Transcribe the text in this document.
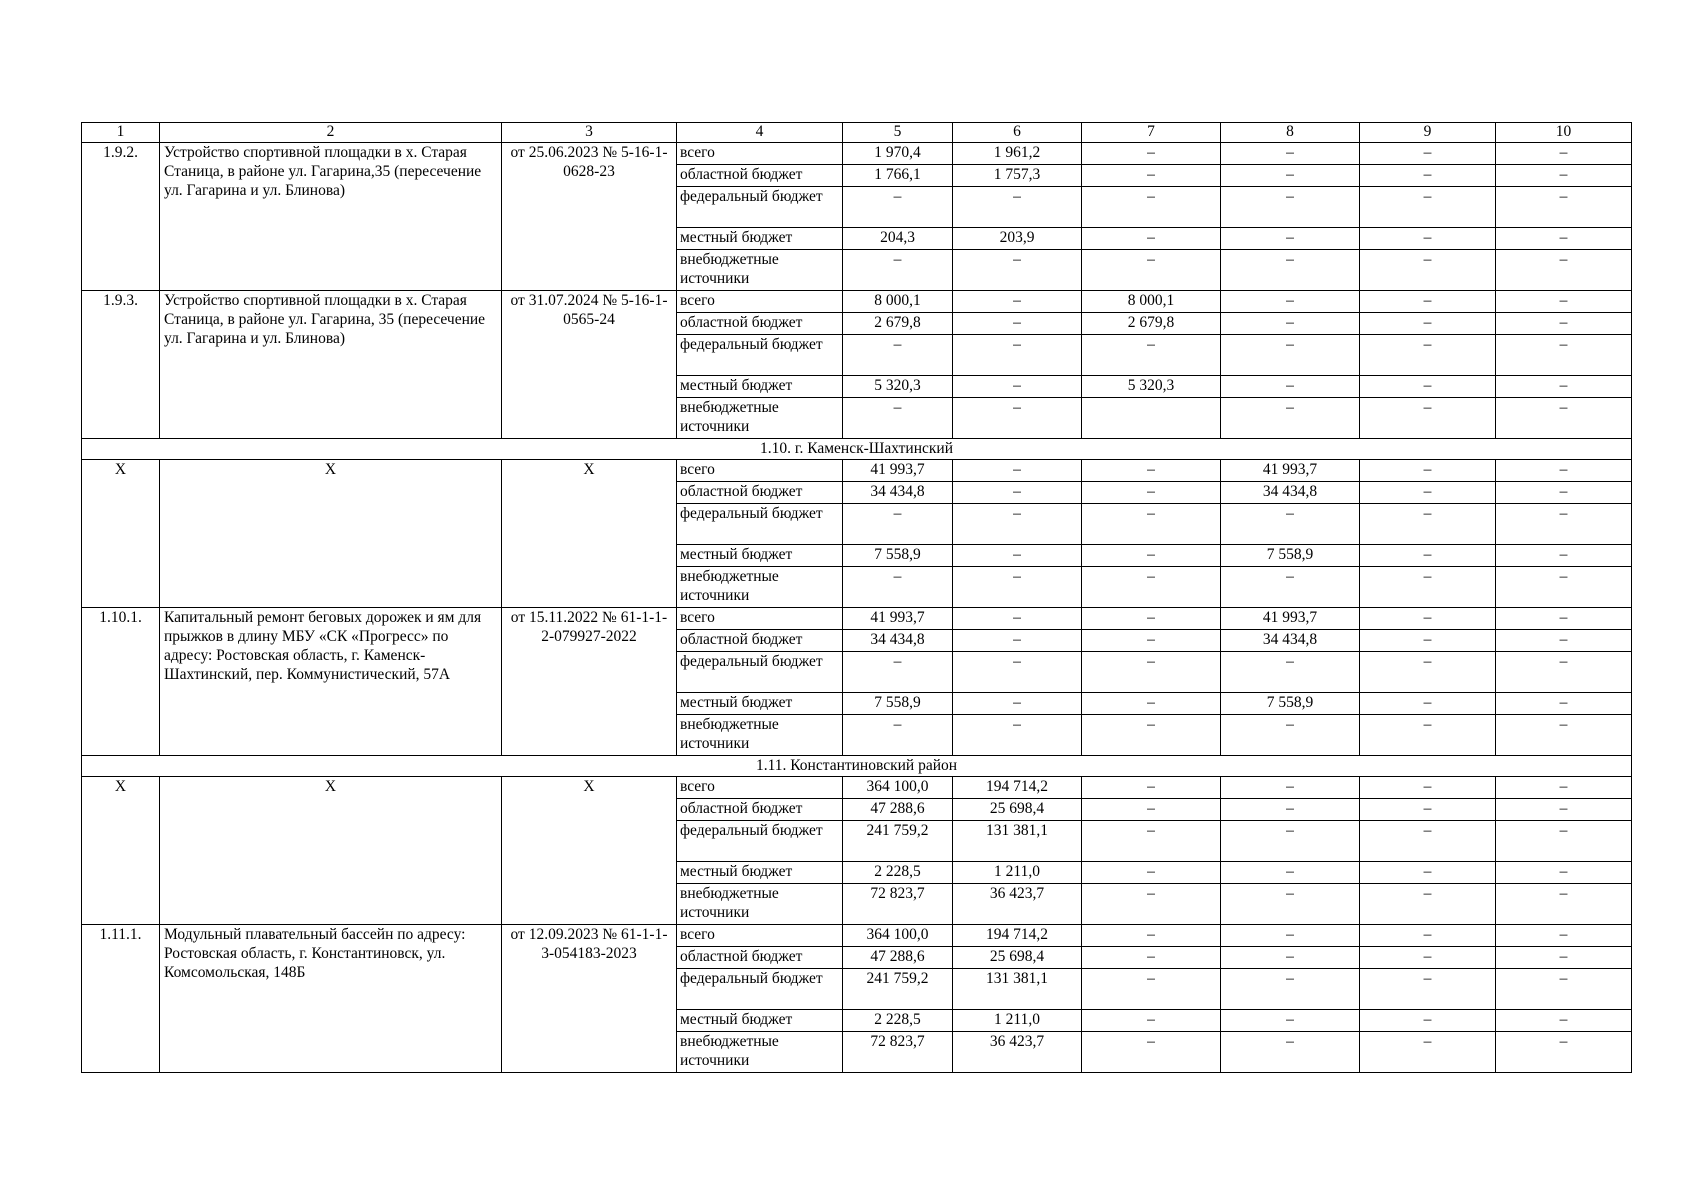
1	2	3	4	5	6	7	8	9	10
1.9.2.	Устройство спортивной площадки в х. Старая Станица, в районе ул. Гагарина,35 (пересечение ул. Гагарина и ул. Блинова)	от 25.06.2023 № 5-16-1-0628-23	всего	1 970,4	1 961,2	–	–	–	–
			областной бюджет	1 766,1	1 757,3	–	–	–	–
			федеральный бюджет	–	–	–	–	–	–
			местный бюджет	204,3	203,9	–	–	–	–
			внебюджетные источники	–	–	–	–	–	–
1.9.3.	Устройство спортивной площадки в х. Старая Станица, в районе ул. Гагарина, 35 (пересечение ул. Гагарина и ул. Блинова)	от 31.07.2024 № 5-16-1-0565-24	всего	8 000,1	–	8 000,1	–	–	–
			областной бюджет	2 679,8	–	2 679,8	–	–	–
			федеральный бюджет	–	–	–	–	–	–
			местный бюджет	5 320,3	–	5 320,3	–	–	–
			внебюджетные источники	–	–		–	–	–
1.10. г. Каменск-Шахтинский									
X	X	X	всего	41 993,7	–	–	41 993,7	–	–
			областной бюджет	34 434,8	–	–	34 434,8	–	–
			федеральный бюджет	–	–	–	–	–	–
			местный бюджет	7 558,9	–	–	7 558,9	–	–
			внебюджетные источники	–	–	–	–	–	–
1.10.1.	Капитальный ремонт беговых дорожек и ям для прыжков в длину МБУ «СК «Прогресс» по адресу: Ростовская область, г. Каменск-Шахтинский, пер. Коммунистический, 57А	от 15.11.2022 № 61-1-1-2-079927-2022	всего	41 993,7	–	–	41 993,7	–	–
			областной бюджет	34 434,8	–	–	34 434,8	–	–
			федеральный бюджет	–	–	–	–	–	–
			местный бюджет	7 558,9	–	–	7 558,9	–	–
			внебюджетные источники	–	–	–	–	–	–
1.11. Константиновский район									
X	X	X	всего	364 100,0	194 714,2	–	–	–	–
			областной бюджет	47 288,6	25 698,4	–	–	–	–
			федеральный бюджет	241 759,2	131 381,1	–	–	–	–
			местный бюджет	2 228,5	1 211,0	–	–	–	–
			внебюджетные источники	72 823,7	36 423,7	–	–	–	–
1.11.1.	Модульный плавательный бассейн по адресу: Ростовская область, г. Константиновск, ул. Комсомольская, 148Б	от 12.09.2023 № 61-1-1-3-054183-2023	всего	364 100,0	194 714,2	–	–	–	–
			областной бюджет	47 288,6	25 698,4	–	–	–	–
			федеральный бюджет	241 759,2	131 381,1	–	–	–	–
			местный бюджет	2 228,5	1 211,0	–	–	–	–
			внебюджетные источники	72 823,7	36 423,7	–	–	–	–
